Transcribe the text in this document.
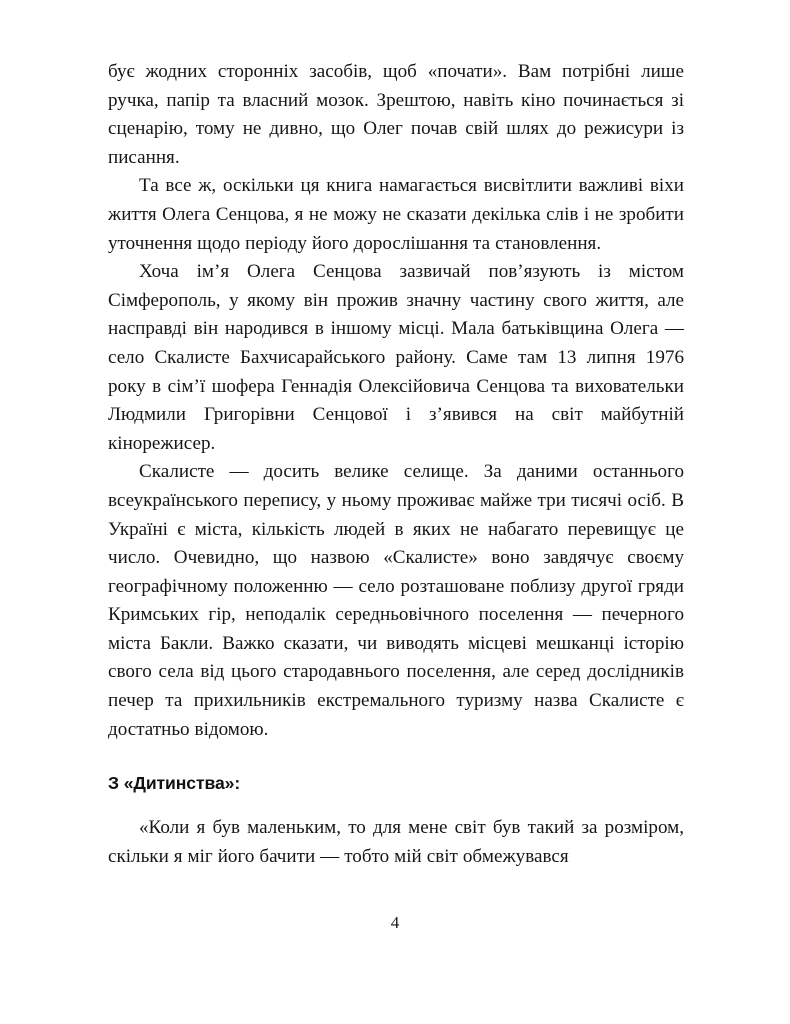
бує жодних сторонніх засобів, щоб «почати». Вам потрібні лише ручка, папір та власний мозок. Зрештою, навіть кіно починається зі сценарію, тому не дивно, що Олег почав свій шлях до режисури із писання.

Та все ж, оскільки ця книга намагається висвітлити важливі віхи життя Олега Сенцова, я не можу не сказати декілька слів і не зробити уточнення щодо періоду його дорослішання та становлення.

Хоча ім’я Олега Сенцова зазвичай пов’язують із містом Сімферополь, у якому він прожив значну частину свого життя, але насправді він народився в іншому місці. Мала батьківщина Олега — село Скалисте Бахчисарайського району. Саме там 13 липня 1976 року в сім’ї шофера Геннадія Олексійовича Сенцова та виховательки Людмили Григорівни Сенцової і з’явився на світ майбутній кінорежисер.

Скалисте — досить велике селище. За даними останнього всеукраїнського перепису, у ньому проживає майже три тисячі осіб. В Україні є міста, кількість людей в яких не набагато перевищує це число. Очевидно, що назвою «Скалисте» воно завдячує своєму географічному положенню — село розташоване поблизу другої гряди Кримських гір, неподалік середньовічного поселення — печерного міста Бакли. Важко сказати, чи виводять місцеві мешканці історію свого села від цього стародавнього поселення, але серед дослідників печер та прихильників екстремального туризму назва Скалисте є достатньо відомою.

З «Дитинства»:

«Коли я був маленьким, то для мене світ був такий за розміром, скільки я міг його бачити — тобто мій світ обмежувався

4
